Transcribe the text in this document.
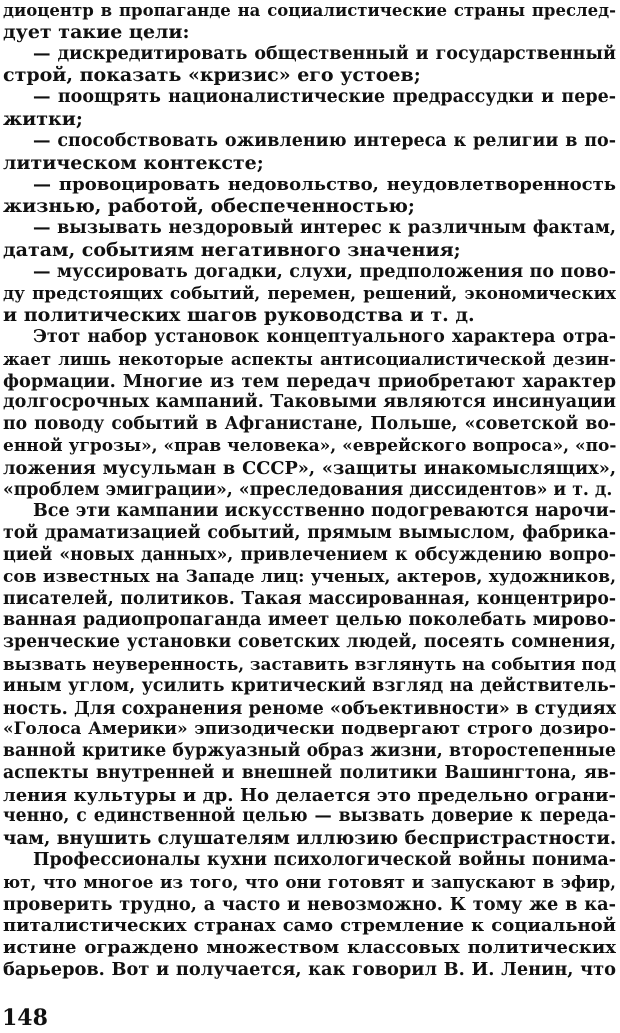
диоцентр в пропаганде на социалистические страны преслед-
дует такие цели:
— дискредитировать общественный и государственный
строй, показать «кризис» его устоев;
— поощрять националистические предрассудки и пере-
житки;
— способствовать оживлению интереса к религии в по-
литическом контексте;
— провоцировать недовольство, неудовлетворенность
жизнью, работой, обеспеченностью;
— вызывать нездоровый интерес к различным фактам,
датам, событиям негативного значения;
— муссировать догадки, слухи, предположения по пово-
ду предстоящих событий, перемен, решений, экономических
и политических шагов руководства и т. д.
Этот набор установок концептуального характера отра-
жает лишь некоторые аспекты антисоциалистической дезин-
формации. Многие из тем передач приобретают характер
долгосрочных кампаний. Таковыми являются инсинуации
по поводу событий в Афганистане, Польше, «советской во-
енной угрозы», «прав человека», «еврейского вопроса», «по-
ложения мусульман в СССР», «защиты инакомыслящих»,
«проблем эмиграции», «преследования диссидентов» и т. д.
Все эти кампании искусственно подогреваются нарочи-
той драматизацией событий, прямым вымыслом, фабрика-
цией «новых данных», привлечением к обсуждению вопро-
сов известных на Западе лиц: ученых, актеров, художников,
писателей, политиков. Такая массированная, концентриро-
ванная радиопропаганда имеет целью поколебать мирово-
зренческие установки советских людей, посеять сомнения,
вызвать неуверенность, заставить взглянуть на события под
иным углом, усилить критический взгляд на действитель-
ность. Для сохранения реноме «объективности» в студиях
«Голоса Америки» эпизодически подвергают строго дозиро-
ванной критике буржуазный образ жизни, второстепенные
аспекты внутренней и внешней политики Вашингтона, яв-
ления культуры и др. Но делается это предельно ограни-
ченно, с единственной целью — вызвать доверие к переда-
чам, внушить слушателям иллюзию беспристрастности.
Профессионалы кухни психологической войны понима-
ют, что многое из того, что они готовят и запускают в эфир,
проверить трудно, а часто и невозможно. К тому же в ка-
питалистических странах само стремление к социальной
истине ограждено множеством классовых политических
барьеров. Вот и получается, как говорил В. И. Ленин, что
148
